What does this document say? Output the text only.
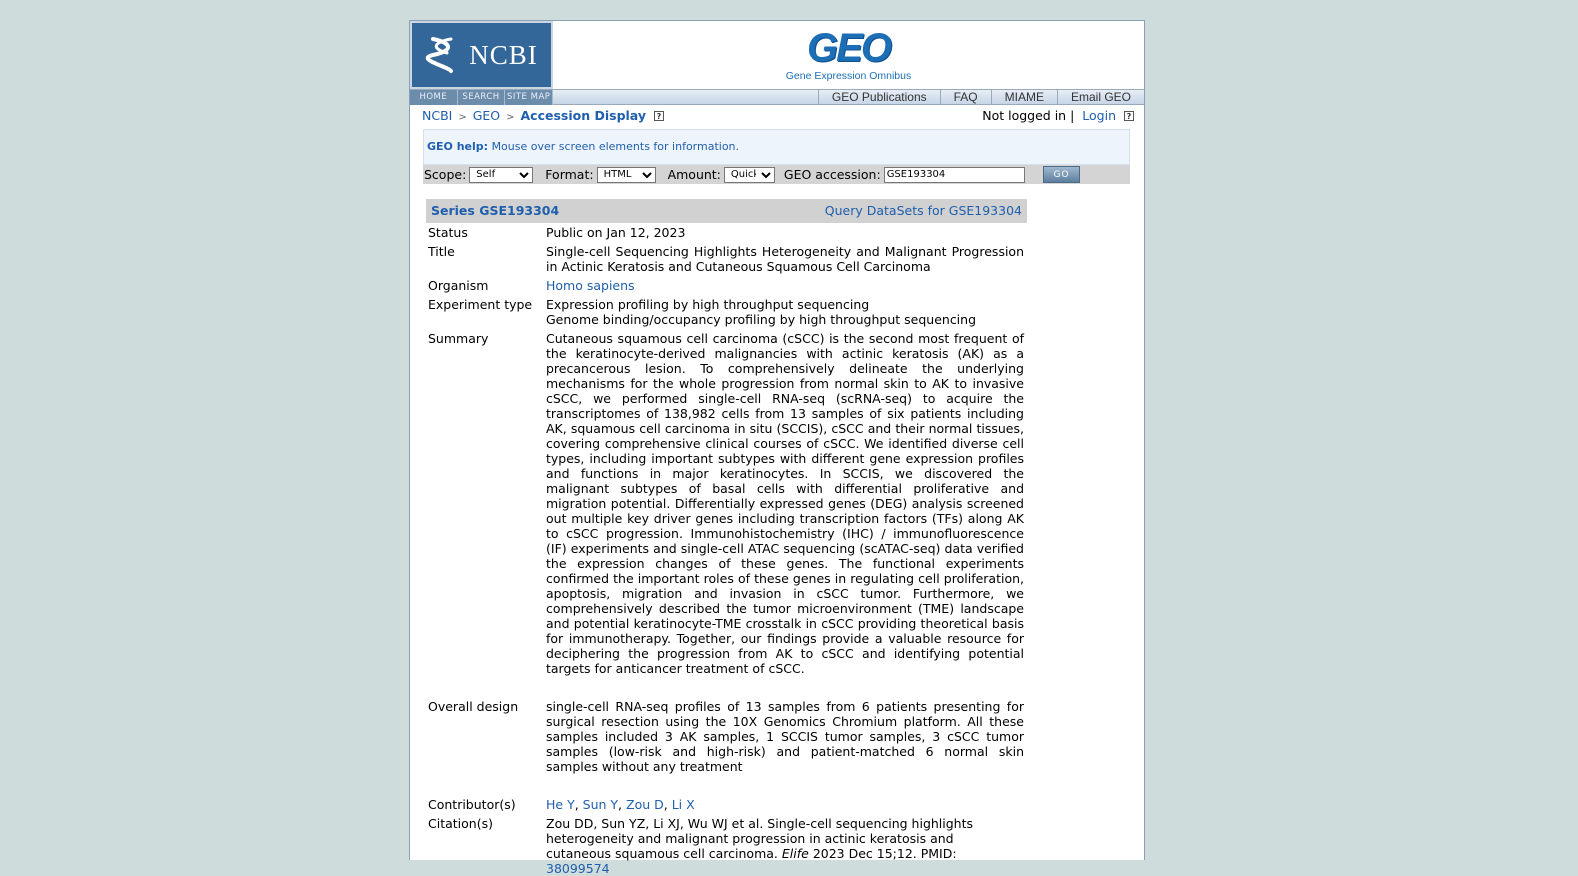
NCBI	GEO
Gene Expression Omnibus
HOME	SEARCH SITE MAP	GEO Publications	FAQ	MIAME	Email GEO
NCBI > GEO > Accession Display ?	Not logged in | Login ?
GEO help: Mouse over screen elements for information.
Scope:
Self	Format:
HTML	Amount:
Quick	GEO accession:
GSE193304	GO
Series GSE193304	Query DataSets for GSE193304
Status	Public on Jan 12, 2023
Title	Single-cell Sequencing Highlights Heterogeneity and Malignant Progression in Actinic Keratosis and Cutaneous Squamous Cell Carcinoma
Organism	Homo sapiens
Experiment type	Expression profiling by high throughput sequencing
Genome binding/occupancy profiling by high throughput sequencing
Summary	Cutaneous squamous cell carcinoma (cSCC) is the second most frequent of the keratinocyte-derived malignancies with actinic keratosis (AK) as a precancerous lesion. To comprehensively delineate the underlying mechanisms for the whole progression from normal skin to AK to invasive cSCC, we performed single-cell RNA-seq (scRNA-seq) to acquire the transcriptomes of 138,982 cells from 13 samples of six patients including AK, squamous cell carcinoma in situ (SCCIS), cSCC and their normal tissues, covering comprehensive clinical courses of cSCC. We identified diverse cell types, including important subtypes with different gene expression profiles and functions in major keratinocytes. In SCCIS, we discovered the malignant subtypes of basal cells with differential proliferative and migration potential. Differentially expressed genes (DEG) analysis screened out multiple key driver genes including transcription factors (TFs) along AK to cSCC progression. Immunohistochemistry (IHC) / immunofluorescence (IF) experiments and single-cell ATAC sequencing (scATAC-seq) data verified the expression changes of these genes. The functional experiments confirmed the important roles of these genes in regulating cell proliferation, apoptosis, migration and invasion in cSCC tumor. Furthermore, we comprehensively described the tumor microenvironment (TME) landscape and potential keratinocyte-TME crosstalk in cSCC providing theoretical basis for immunotherapy. Together, our findings provide a valuable resource for deciphering the progression from AK to cSCC and identifying potential targets for anticancer treatment of cSCC.
Overall design	single-cell RNA-seq profiles of 13 samples from 6 patients presenting for surgical resection using the 10X Genomics Chromium platform. All these samples included 3 AK samples, 1 SCCIS tumor samples, 3 cSCC tumor samples (low-risk and high-risk) and patient-matched 6 normal skin samples without any treatment
Contributor(s)	He Y, Sun Y, Zou D, Li X
Citation(s)	Zou DD, Sun YZ, Li XJ, Wu WJ et al. Single-cell sequencing highlights heterogeneity and malignant progression in actinic keratosis and cutaneous squamous cell carcinoma. Elife 2023 Dec 15;12. PMID: 38099574
